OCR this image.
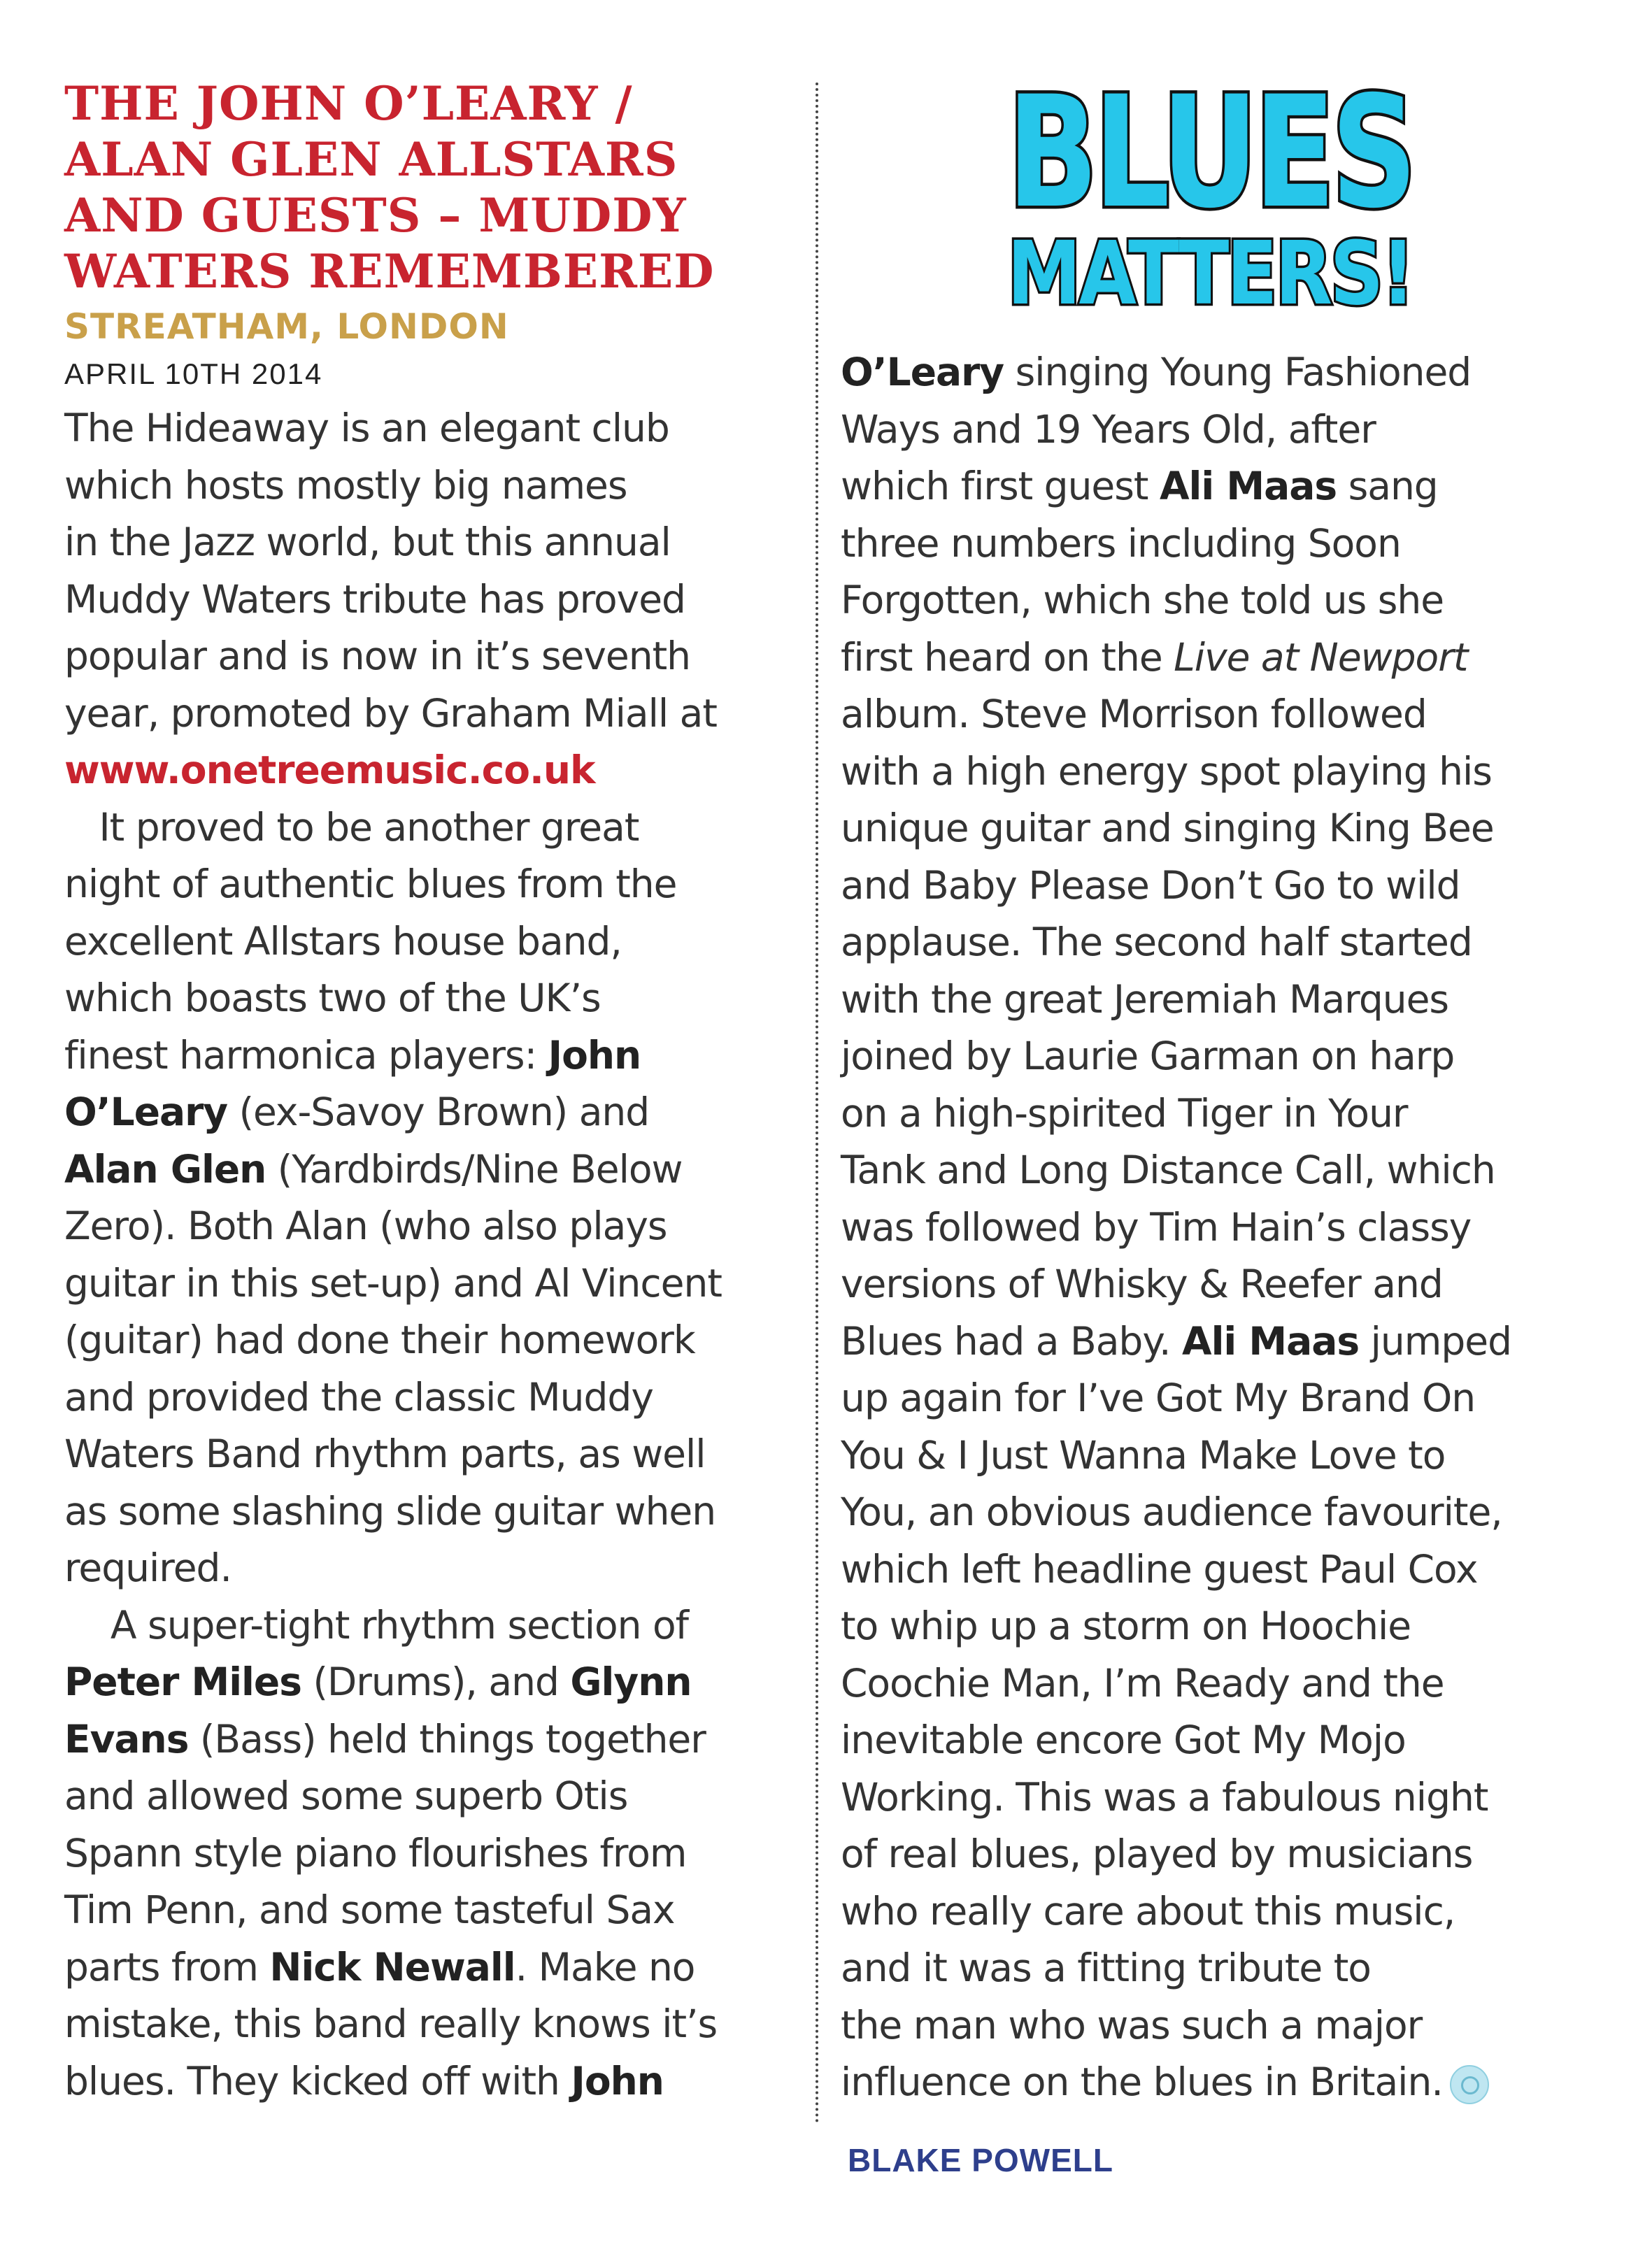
THE JOHN O’LEARY /
ALAN GLEN ALLSTARS
AND GUESTS – MUDDY
WATERS REMEMBERED
STREATHAM, LONDON
APRIL 10TH 2014
The Hideaway is an elegant club
which hosts mostly big names
in the Jazz world, but this annual
Muddy Waters tribute has proved
popular and is now in it’s seventh
year, promoted by Graham Miall at
www.onetreemusic.co.uk
It proved to be another great
night of authentic blues from the
excellent Allstars house band,
which boasts two of the UK’s
finest harmonica players: John
O’Leary (ex-Savoy Brown) and
Alan Glen (Yardbirds/Nine Below
Zero). Both Alan (who also plays
guitar in this set-up) and Al Vincent
(guitar) had done their homework
and provided the classic Muddy
Waters Band rhythm parts, as well
as some slashing slide guitar when
required.
A super-tight rhythm section of
Peter Miles (Drums), and Glynn
Evans (Bass) held things together
and allowed some superb Otis
Spann style piano flourishes from
Tim Penn, and some tasteful Sax
parts from Nick Newall. Make no
mistake, this band really knows it’s
blues. They kicked off with John
BLUES
MATTERS!
O’Leary singing Young Fashioned
Ways and 19 Years Old, after
which first guest Ali Maas sang
three numbers including Soon
Forgotten, which she told us she
first heard on the Live at Newport
album. Steve Morrison followed
with a high energy spot playing his
unique guitar and singing King Bee
and Baby Please Don’t Go to wild
applause. The second half started
with the great Jeremiah Marques
joined by Laurie Garman on harp
on a high-spirited Tiger in Your
Tank and Long Distance Call, which
was followed by Tim Hain’s classy
versions of Whisky & Reefer and
Blues had a Baby. Ali Maas jumped
up again for I’ve Got My Brand On
You & I Just Wanna Make Love to
You, an obvious audience favourite,
which left headline guest Paul Cox
to whip up a storm on Hoochie
Coochie Man, I’m Ready and the
inevitable encore Got My Mojo
Working. This was a fabulous night
of real blues, played by musicians
who really care about this music,
and it was a fitting tribute to
the man who was such a major
influence on the blues in Britain.
BLAKE POWELL
